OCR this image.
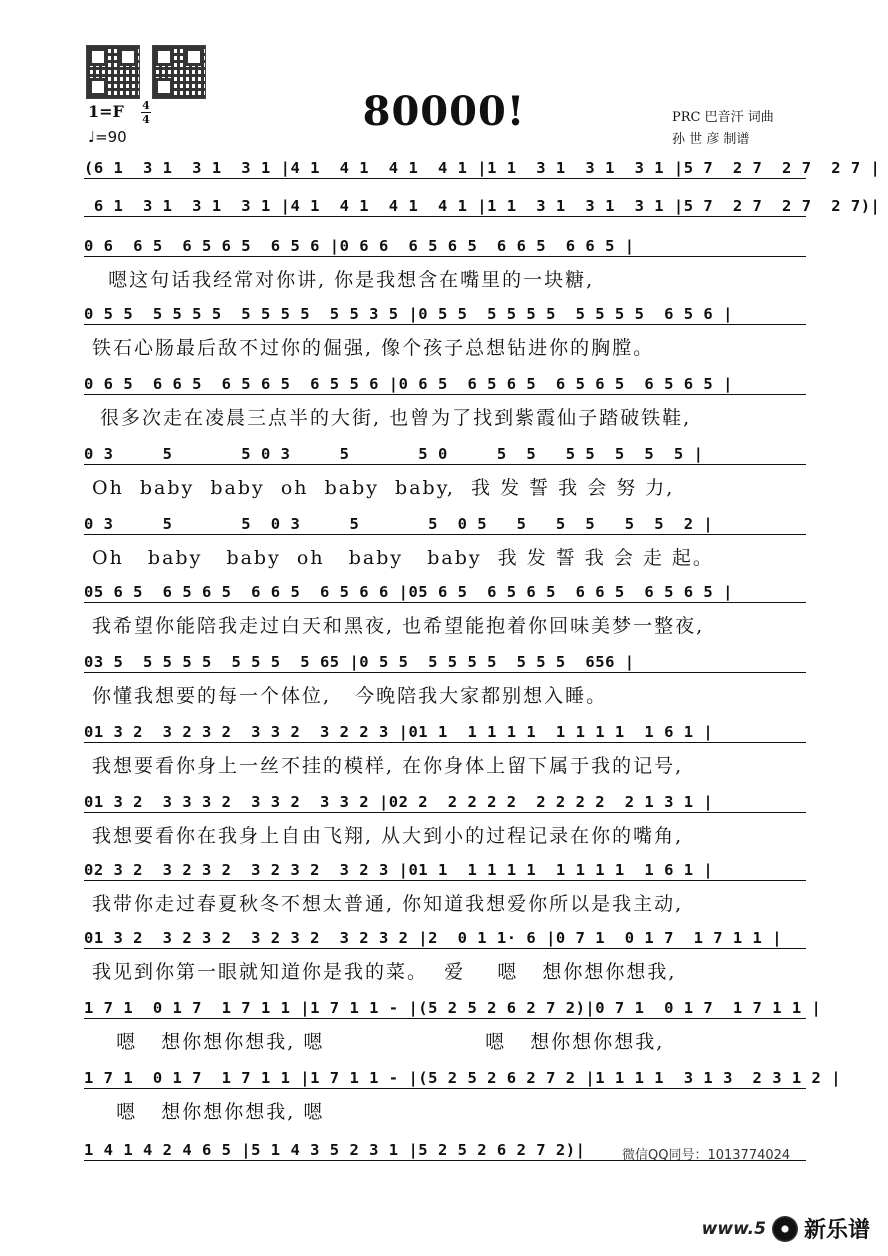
1=F 4
4
♩=90
80000!	PRC 巴音汗 词曲
孙 世 彦 制谱
(6 1  3 1  3 1  3 1 |4 1  4 1  4 1  4 1 |1 1  3 1  3 1  3 1 |5 7  2 7  2 7  2 7 |
6 1  3 1  3 1  3 1 |4 1  4 1  4 1  4 1 |1 1  3 1  3 1  3 1 |5 7  2 7  2 7  2 7)|
0 6  6 5  6 5 6 5  6 5 6 |0 6 6  6 5 6 5  6 6 5  6 6 5 |
嗯这句话我经常对你讲, 你是我想含在嘴里的一块糖,
0 5 5  5 5 5 5  5 5 5 5  5 5 3 5 |0 5 5  5 5 5 5  5 5 5 5  6 5 6 |
铁石心肠最后敌不过你的倔强, 像个孩子总想钻进你的胸膛。
0 6 5  6 6 5  6 5 6 5  6 5 5 6 |0 6 5  6 5 6 5  6 5 6 5  6 5 6 5 |
很多次走在凌晨三点半的大街, 也曾为了找到紫霞仙子踏破铁鞋,
0 3     5       5 0 3     5       5 0     5  5   5 5  5  5  5 |
Oh  baby  baby  oh  baby  baby,  我 发 誓 我 会 努 力,
0 3     5       5  0 3     5       5  0 5   5   5  5   5  5  2 |
Oh   baby   baby  oh   baby   baby  我 发 誓 我 会 走 起。
05 6 5  6 5 6 5  6 6 5  6 5 6 6 |05 6 5  6 5 6 5  6 6 5  6 5 6 5 |
我希望你能陪我走过白天和黑夜, 也希望能抱着你回味美梦一整夜,
03 5  5 5 5 5  5 5 5  5 65 |0 5 5  5 5 5 5  5 5 5  656 |
你懂我想要的每一个体位,   今晚陪我大家都别想入睡。
01 3 2  3 2 3 2  3 3 2  3 2 2 3 |01 1  1 1 1 1  1 1 1 1  1 6 1 |
我想要看你身上一丝不挂的模样, 在你身体上留下属于我的记号,
01 3 2  3 3 3 2  3 3 2  3 3 2 |02 2  2 2 2 2  2 2 2 2  2 1 3 1 |
我想要看你在我身上自由飞翔, 从大到小的过程记录在你的嘴角,
02 3 2  3 2 3 2  3 2 3 2  3 2 3 |01 1  1 1 1 1  1 1 1 1  1 6 1 |
我带你走过春夏秋冬不想太普通, 你知道我想爱你所以是我主动,
01 3 2  3 2 3 2  3 2 3 2  3 2 3 2 |2  0 1 1· 6 |0 7 1  0 1 7  1 7 1 1 |
我见到你第一眼就知道你是我的菜。  爱    嗯   想你想你想我,
1 7 1  0 1 7  1 7 1 1 |1 7 1 1 - |(5 2 5 2 6 2 7 2)|0 7 1  0 1 7  1 7 1 1 |
嗯   想你想你想我, 嗯                    嗯   想你想你想我,
1 7 1  0 1 7  1 7 1 1 |1 7 1 1 - |(5 2 5 2 6 2 7 2 |1 1 1 1  3 1 3  2 3 1 2 |
嗯   想你想你想我, 嗯
1 4 1 4 2 4 6 5 |5 1 4 3 5 2 3 1 |5 2 5 2 6 2 7 2)|	微信QQ同号：1013774024
www.5 新乐谱
